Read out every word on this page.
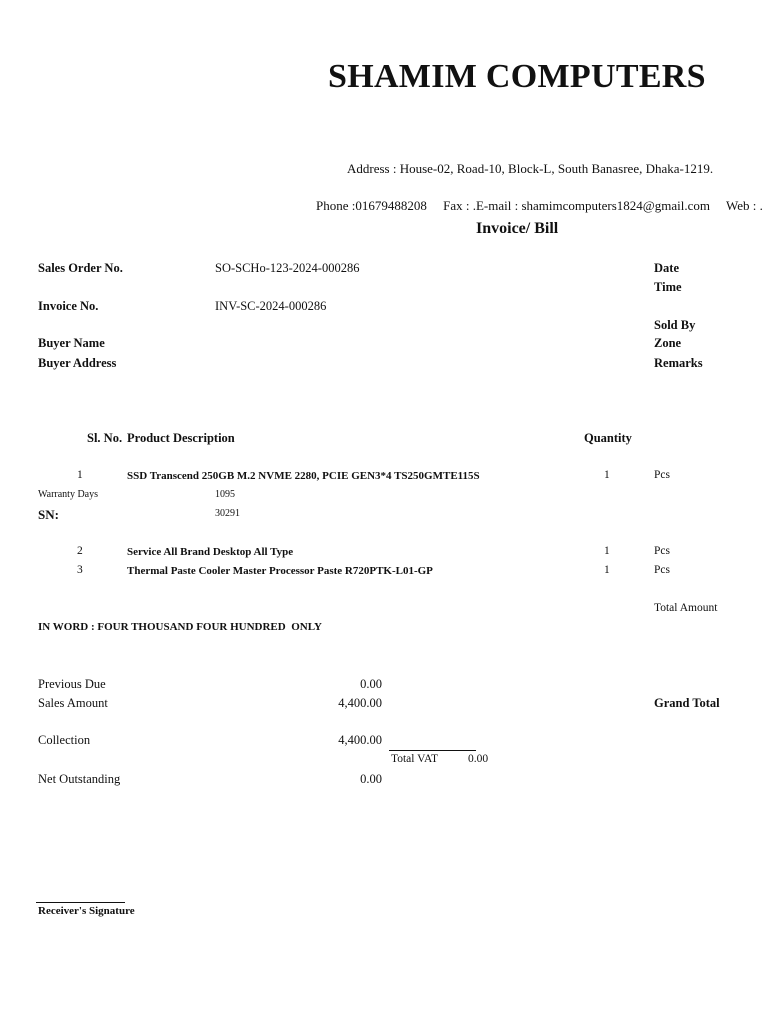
SHAMIM COMPUTERS
Address : House-02, Road-10, Block-L, South Banasree, Dhaka-1219.
Phone :01679488208     Fax : .E-mail : shamimcomputers1824@gmail.com     Web : .
Invoice/ Bill
Sales Order No.	SO-SCHo-123-2024-000286
Invoice No.	INV-SC-2024-000286
Buyer Name
Buyer Address
Date
Time
Sold By
Zone
Remarks
Sl. No. Product Description	Quantity
1	SSD Transcend 250GB M.2 NVME 2280, PCIE GEN3*4 TS250GMTE115S	1	Pcs
Warranty Days	1095
SN:	30291
2	Service All Brand Desktop All Type	1	Pcs
3	Thermal Paste Cooler Master Processor Paste R720PTK-L01-GP	1	Pcs
Total Amount
IN WORD : FOUR THOUSAND FOUR HUNDRED  ONLY
Previous Due	0.00
Sales Amount	4,400.00	Grand Total
Collection	4,400.00
Total VAT	0.00
Net Outstanding	0.00
Receiver's Signature
